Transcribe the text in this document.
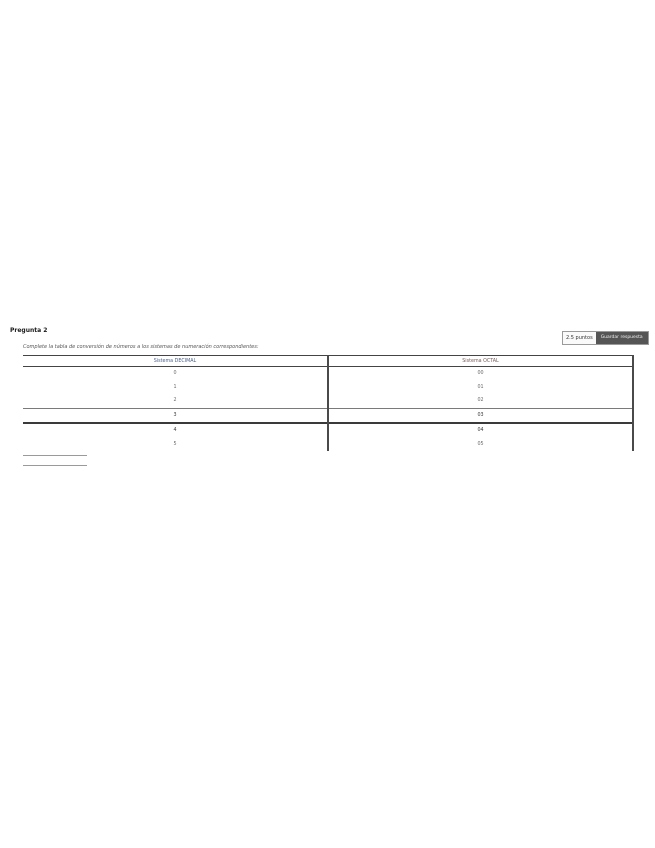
Pregunta 2
2.5 puntos	Guardar respuesta
Complete la tabla de conversión de números a los sistemas de numeración correspondientes:
Sistema DECIMAL	Sistema OCTAL
0	00
1	01
2	02
3	03
4	04
5	05
